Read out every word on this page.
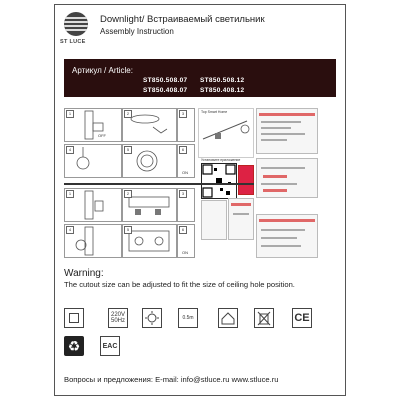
ST LUCE
Downlight/ Встраиваемый светильник
Assembly Instruction
Артикул / Article:
ST850.508.07 ST850.508.12
ST850.408.07 ST850.408.12
1
OFF
2	3
4	5	6
ON
Top Smart Home
Установите приложение
1	2	3
4	5	6
ON
Warning:
The cutout size can be adjusted to fit the size of ceiling hole position.
220V 50Hz	0.5m	CE
♻	EAC
Вопросы и предложения: E-mail: info@stluce.ru www.stluce.ru
